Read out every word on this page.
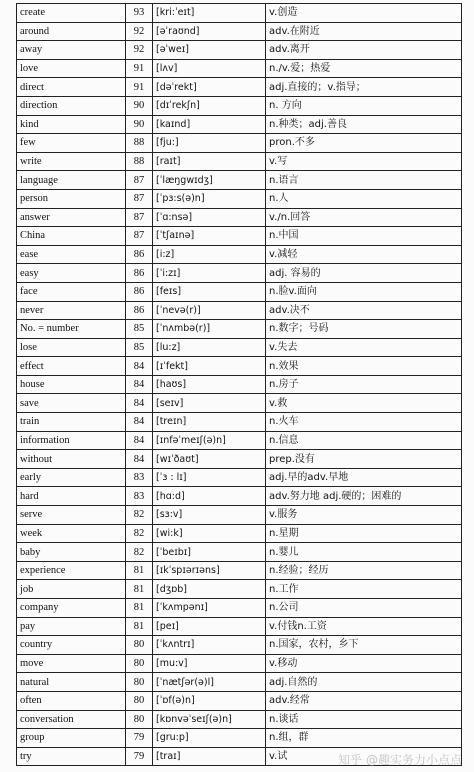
create	93	[kri:ˈeɪt]	v.创造
around	92	[əˈraʊnd]	adv.在附近
away	92	[əˈweɪ]	adv.离开
love	91	[lʌv]	n./v.爱；热爱
direct	91	[dəˈrekt]	adj.直接的；v.指导；
direction	90	[dɪˈrekʃn]	n. 方向
kind	90	[kaɪnd]	n.种类；adj.善良
few	88	[fju:]	pron.不多
write	88	[raɪt]	v.写
language	87	[ˈlæŋgwɪdʒ]	n.语言
person	87	[ˈpɜ:s(ə)n]	n.人
answer	87	[ˈɑ:nsə]	v./n.回答
China	87	[ˈtʃaɪnə]	n.中国
ease	86	[i:z]	v.减轻
easy	86	[ˈi:zɪ]	adj. 容易的
face	86	[feɪs]	n.脸v.面向
never	86	[ˈnevə(r)]	adv.决不
No. = number	85	[ˈnʌmbə(r)]	n.数字；号码
lose	85	[lu:z]	v.失去
effect	84	[ɪˈfekt]	n.效果
house	84	[haʊs]	n.房子
save	84	[seɪv]	v.救
train	84	[treɪn]	n.火车
information	84	[ɪnfəˈmeɪʃ(ə)n]	n.信息
without	84	[wɪˈðaʊt]	prep.没有
early	83	[ˈɜ : lɪ]	adj.早的adv.早地
hard	83	[hɑ:d]	adv.努力地 adj.硬的；困难的
serve	82	[sɜ:v]	v.服务
week	82	[wi:k]	n.星期
baby	82	[ˈbeɪbɪ]	n.婴儿
experience	81	[ɪkˈspɪərɪəns]	n.经验；经历
job	81	[dʒɒb]	n.工作
company	81	[ˈkʌmpənɪ]	n.公司
pay	81	[peɪ]	v.付钱n.工资
country	80	[ˈkʌntrɪ]	n.国家，农村，乡下
move	80	[mu:v]	v.移动
natural	80	[ˈnætʃər(ə)l]	adj.自然的
often	80	[ˈɒf(ə)n]	adv.经常
conversation	80	[kɒnvəˈseɪʃ(ə)n]	n.谈话
group	79	[gru:p]	n.组，群
try	79	[traɪ]	v.试	知乎 @趣实务力小点点
